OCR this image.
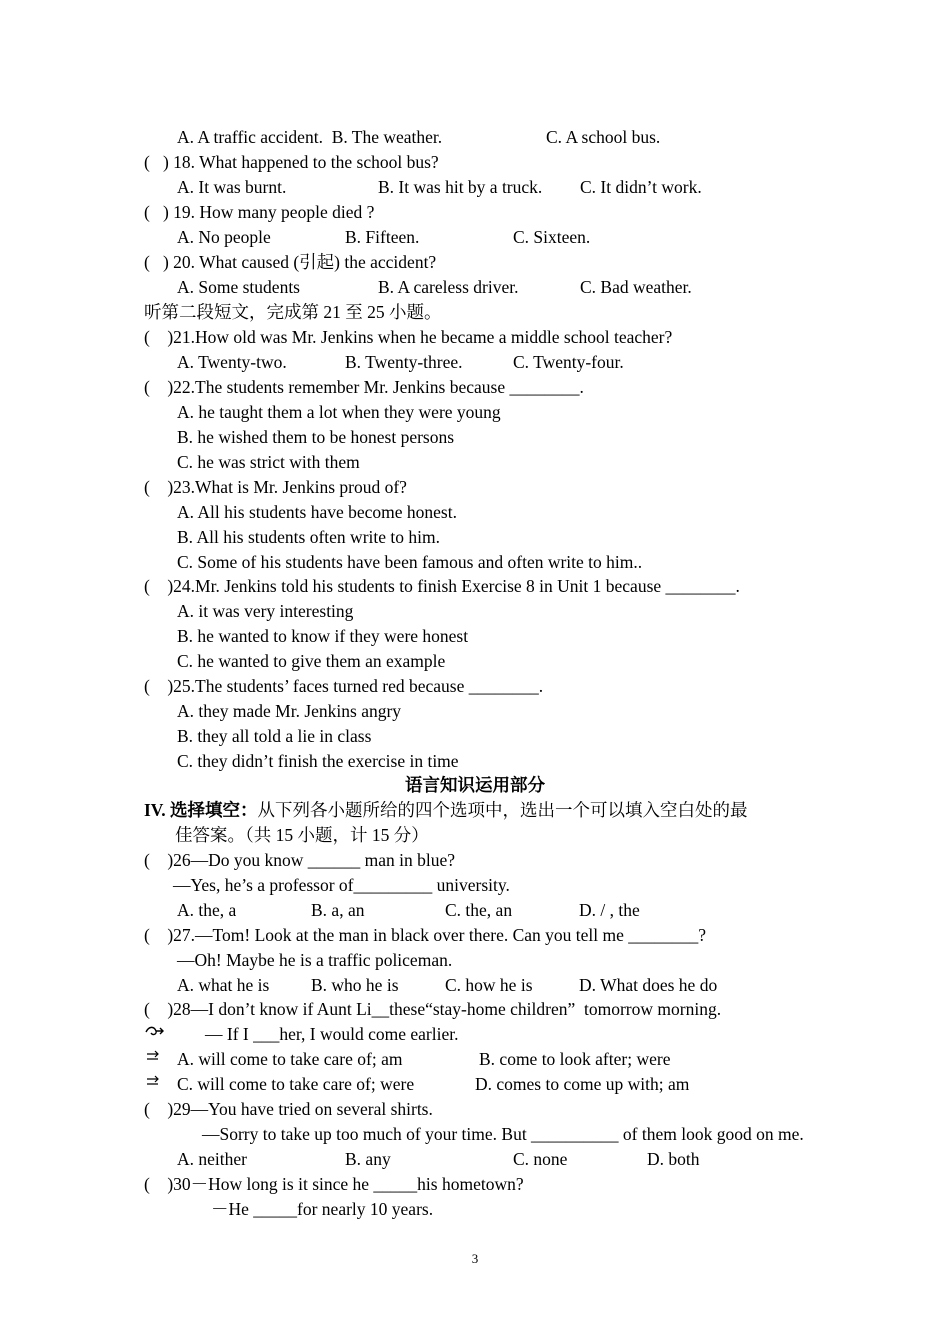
A. A traffic accident.  B. The weather.	C. A school bus.
(   ) 18. What happened to the school bus?
A. It was burnt.	B. It was hit by a truck. C. It didn’t work.
(   ) 19. How many people died ?
A. No people	B. Fifteen.	C. Sixteen.
(   ) 20. What caused (引起) the accident?
A. Some students	B. A careless driver.	C. Bad weather.
听第二段短文，完成第 21 至 25 小题。
(    )21.How old was Mr. Jenkins when he became a middle school teacher?
A. Twenty-two.	B. Twenty-three.	C. Twenty-four.
(    )22.The students remember Mr. Jenkins because ________.
A. he taught them a lot when they were young
B. he wished them to be honest persons
C. he was strict with them
(    )23.What is Mr. Jenkins proud of?
A. All his students have become honest.
B. All his students often write to him.
C. Some of his students have been famous and often write to him..
(    )24.Mr. Jenkins told his students to finish Exercise 8 in Unit 1 because ________.
A. it was very interesting
B. he wanted to know if they were honest
C. he wanted to give them an example
(    )25.The students’ faces turned red because ________.
A. they made Mr. Jenkins angry
B. they all told a lie in class
C. they didn’t finish the exercise in time
语言知识运用部分
IV. 选择填空：从下列各小题所给的四个选项中，选出一个可以填入空白处的最
佳答案。（共 15 小题，计 15 分）
(    )26—Do you know ______ man in blue?
—Yes, he’s a professor of_________ university.
A. the, a	B. a, an	C. the, an	D. / , the
(    )27.—Tom! Look at the man in black over there. Can you tell me ________?
—Oh! Maybe he is a traffic policeman.
A. what he is B. who he is	C. how he is	D. What does he do
(    )28—I don’t know if Aunt Li__these“stay-home children”  tomorrow morning.
— If I ___her, I would come earlier.
A. will come to take care of; am	B. come to look after; were
C. will come to take care of; were	D. comes to come up with; am
(    )29—You have tried on several shirts.
—Sorry to take up too much of your time. But __________ of them look good on me.
A. neither	B. any	C. none	D. both
(    )30－How long is it since he _____his hometown?
－He _____for nearly 10 years.
3
